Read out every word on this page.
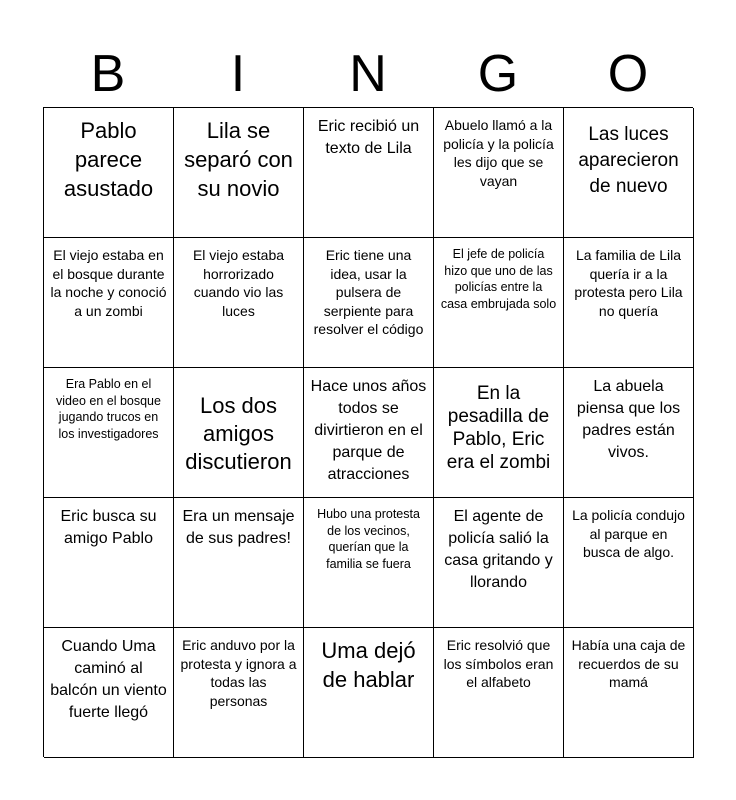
B	I	N	G	O
Pablo parece asustado
Lila se separó con su novio
Eric recibió un texto de Lila
Abuelo llamó a la policía y la policía les dijo que se vayan
Las luces aparecieron de nuevo
El viejo estaba en el bosque durante la noche y conoció a un zombi
El viejo estaba horrorizado cuando vio las luces
Eric tiene una idea, usar la pulsera de serpiente para resolver el código
El jefe de policía hizo que uno de las policías entre la casa embrujada solo
La familia de Lila quería ir a la protesta pero Lila no quería
Era Pablo en el video en el bosque jugando trucos en los investigadores
Los dos amigos discutieron
Hace unos años todos se divirtieron en el parque de atracciones
En la pesadilla de Pablo, Eric era el zombi
La abuela piensa que los padres están vivos.
Eric busca su amigo Pablo
Era un mensaje de sus padres!
Hubo una protesta de los vecinos, querían que la familia se fuera
El agente de policía salió la casa gritando y llorando
La policía condujo al parque en busca de algo.
Cuando Uma caminó al balcón un viento fuerte llegó
Eric anduvo por la protesta y ignora a todas las personas
Uma dejó de hablar
Eric resolvió que los símbolos eran el alfabeto
Había una caja de recuerdos de su mamá
